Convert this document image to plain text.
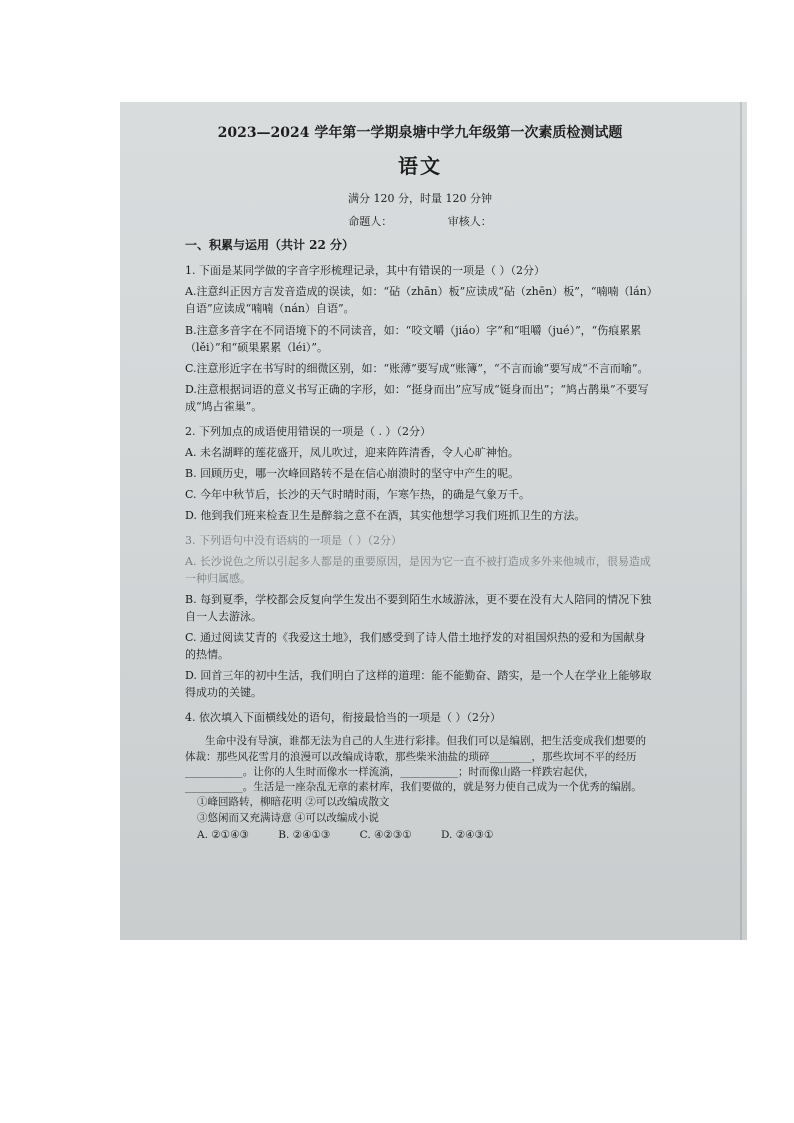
2023—2024 学年第一学期泉塘中学九年级第一次素质检测试题
语文
满分 120 分，时量 120 分钟
命题人：	审核人：
一、积累与运用（共计 22 分）
1. 下面是某同学做的字音字形梳理记录，其中有错误的一项是（ ）（2分）
A.注意纠正因方言发音造成的误读，如：“砧（zhān）板”应读成“砧（zhēn）板”，“喃喃（lán）自语”应读成“喃喃（nán）自语”。
B.注意多音字在不同语境下的不同读音，如：“咬文嚼（jiáo）字”和“咀嚼（jué）”，“伤痕累累（lěi）”和“硕果累累（léi）”。
C.注意形近字在书写时的细微区别，如：“账薄”要写成“账簿”，“不言而谕”要写成“不言而喻”。
D.注意根据词语的意义书写正确的字形，如：“挺身而出”应写成“铤身而出”；“鸠占鹊巢”不要写成“鸠占雀巢”。
2. 下列加点的成语使用错误的一项是（ . ）（2分）
A. 未名湖畔的莲花盛开，凤儿吹过，迎来阵阵清香，令人心旷神怡。
B. 回顾历史，哪一次峰回路转不是在信心崩溃时的坚守中产生的呢。
C. 今年中秋节后，长沙的天气时晴时雨，乍寒乍热，的确是气象万千。
D. 他到我们班来检查卫生是醉翁之意不在酒，其实他想学习我们班抓卫生的方法。
3. 下列语句中没有语病的一项是（ ）（2分）
A. 长沙说色之所以引起多人都是的重要原因，是因为它一直不被打造成多外来他城市，很易造成一种归属感。
B. 每到夏季，学校都会反复向学生发出不要到陌生水域游泳，更不要在没有大人陪同的情况下独自一人去游泳。
C. 通过阅读艾青的《我爱这土地》，我们感受到了诗人借土地抒发的对祖国炽热的爱和为国献身的热情。
D. 回首三年的初中生活，我们明白了这样的道理：能不能勤奋、踏实，是一个人在学业上能够取得成功的关键。
4. 依次填入下面横线处的语句，衔接最恰当的一项是（ ）（2分）
生命中没有导演，谁都无法为自己的人生进行彩排。但我们可以是编剧，把生活变成我们想要的体裁：那些风花雪月的浪漫可以改编成诗歌，那些柴米油盐的琐碎________，那些坎坷不平的经历___________。让你的人生时而像水一样流淌，___________；时而像山路一样跌宕起伏，___________。生活是一座杂乱无章的素材库，我们要做的，就是努力使自己成为一个优秀的编剧。
①峰回路转，柳暗花明 ②可以改编成散文
③悠闲而又充满诗意 ④可以改编成小说
A. ②①④③	B. ②④①③	C. ④②③①	D. ②④③①
